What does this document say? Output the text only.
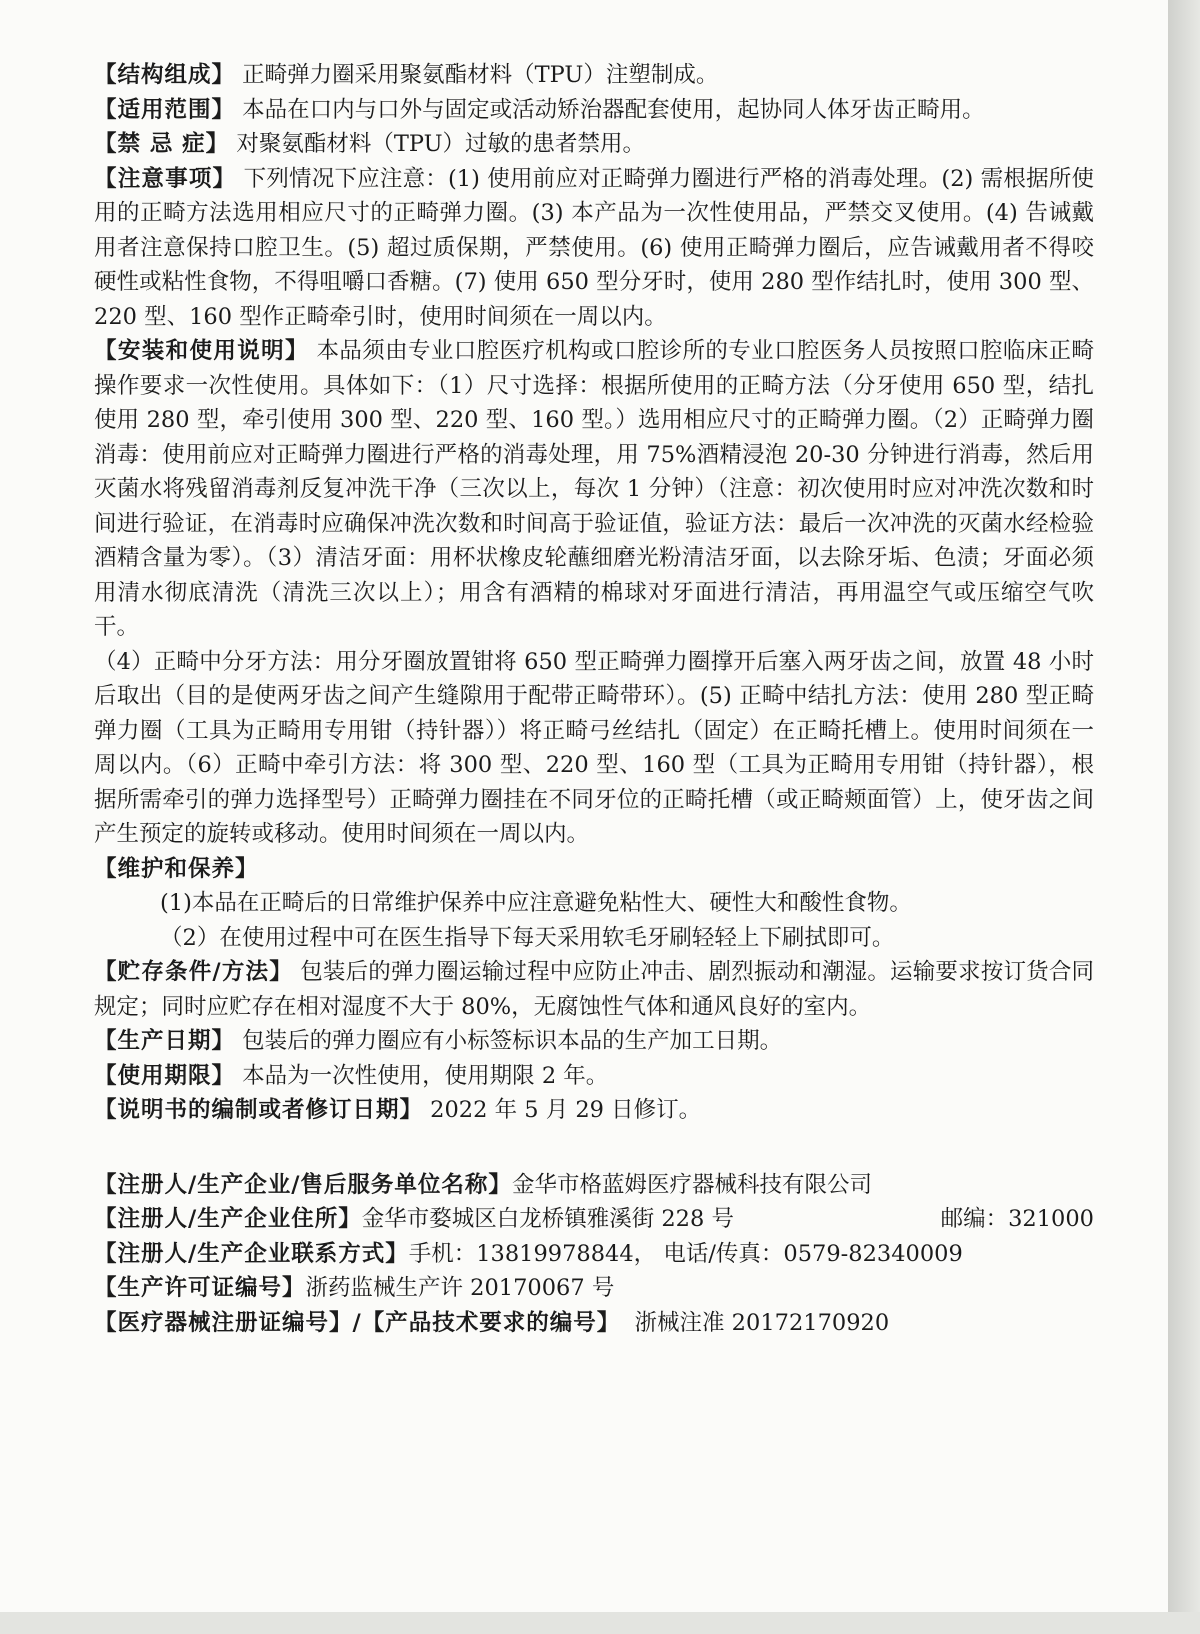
【结构组成】 正畸弹力圈采用聚氨酯材料（TPU）注塑制成。

【适用范围】 本品在口内与口外与固定或活动矫治器配套使用，起协同人体牙齿正畸用。

【禁 忌 症】 对聚氨酯材料（TPU）过敏的患者禁用。

【注意事项】 下列情况下应注意：(1) 使用前应对正畸弹力圈进行严格的消毒处理。(2) 需根据所使用的正畸方法选用相应尺寸的正畸弹力圈。(3) 本产品为一次性使用品，严禁交叉使用。(4) 告诫戴用者注意保持口腔卫生。(5) 超过质保期，严禁使用。(6) 使用正畸弹力圈后，应告诫戴用者不得咬硬性或粘性食物，不得咀嚼口香糖。(7) 使用 650 型分牙时，使用 280 型作结扎时，使用 300 型、220 型、160 型作正畸牵引时，使用时间须在一周以内。

【安装和使用说明】 本品须由专业口腔医疗机构或口腔诊所的专业口腔医务人员按照口腔临床正畸操作要求一次性使用。具体如下：（1）尺寸选择：根据所使用的正畸方法（分牙使用 650 型，结扎使用 280 型，牵引使用 300 型、220 型、160 型。）选用相应尺寸的正畸弹力圈。（2）正畸弹力圈消毒：使用前应对正畸弹力圈进行严格的消毒处理，用 75%酒精浸泡 20-30 分钟进行消毒，然后用灭菌水将残留消毒剂反复冲洗干净（三次以上，每次 1 分钟）（注意：初次使用时应对冲洗次数和时间进行验证，在消毒时应确保冲洗次数和时间高于验证值，验证方法：最后一次冲洗的灭菌水经检验酒精含量为零）。（3）清洁牙面：用杯状橡皮轮蘸细磨光粉清洁牙面，以去除牙垢、色渍；牙面必须用清水彻底清洗（清洗三次以上）；用含有酒精的棉球对牙面进行清洁，再用温空气或压缩空气吹干。

（4）正畸中分牙方法：用分牙圈放置钳将 650 型正畸弹力圈撑开后塞入两牙齿之间，放置 48 小时后取出（目的是使两牙齿之间产生缝隙用于配带正畸带环）。(5) 正畸中结扎方法：使用 280 型正畸弹力圈（工具为正畸用专用钳（持针器））将正畸弓丝结扎（固定）在正畸托槽上。使用时间须在一周以内。（6）正畸中牵引方法：将 300 型、220 型、160 型（工具为正畸用专用钳（持针器），根据所需牵引的弹力选择型号）正畸弹力圈挂在不同牙位的正畸托槽（或正畸颊面管）上，使牙齿之间产生预定的旋转或移动。使用时间须在一周以内。

【维护和保养】

(1)本品在正畸后的日常维护保养中应注意避免粘性大、硬性大和酸性食物。

（2）在使用过程中可在医生指导下每天采用软毛牙刷轻轻上下刷拭即可。

【贮存条件/方法】 包装后的弹力圈运输过程中应防止冲击、剧烈振动和潮湿。运输要求按订货合同规定；同时应贮存在相对湿度不大于 80%，无腐蚀性气体和通风良好的室内。

【生产日期】 包装后的弹力圈应有小标签标识本品的生产加工日期。

【使用期限】 本品为一次性使用，使用期限 2 年。

【说明书的编制或者修订日期】 2022 年 5 月 29 日修订。

【注册人/生产企业/售后服务单位名称】金华市格蓝姆医疗器械科技有限公司

【注册人/生产企业住所】金华市婺城区白龙桥镇雅溪街 228 号	邮编：321000

【注册人/生产企业联系方式】手机：13819978844， 电话/传真：0579-82340009

【生产许可证编号】浙药监械生产许 20170067 号

【医疗器械注册证编号】/【产品技术要求的编号】 浙械注准 20172170920
